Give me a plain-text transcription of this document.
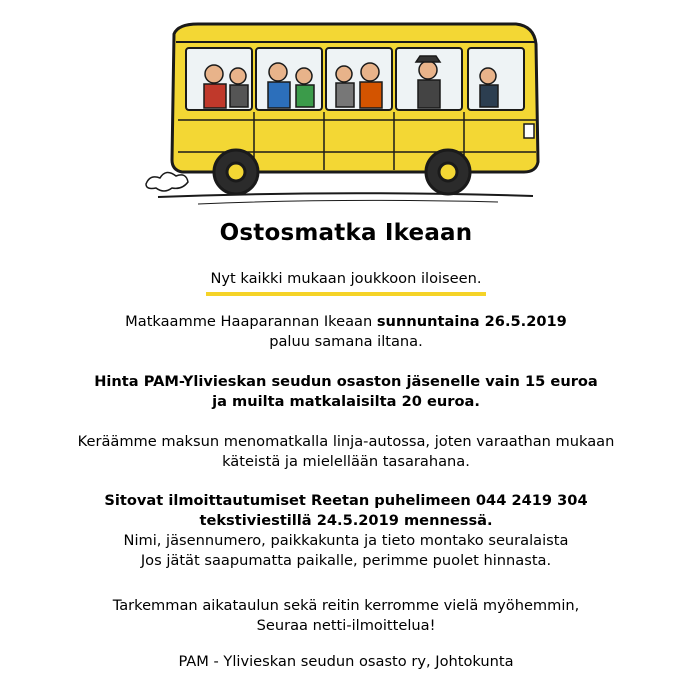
Ostosmatka Ikeaan
Nyt kaikki mukaan joukkoon iloiseen.
Matkaamme Haaparannan Ikeaan sunnuntaina 26.5.2019
paluu samana iltana.
Hinta PAM-Ylivieskan seudun osaston jäsenelle vain 15 euroa
ja muilta matkalaisilta 20 euroa.
Keräämme maksun menomatkalla linja-autossa, joten varaathan mukaan
käteistä ja mielellään tasarahana.
Sitovat ilmoittautumiset Reetan puhelimeen 044 2419 304
tekstiviestillä 24.5.2019 mennessä.
Nimi, jäsennumero, paikkakunta ja tieto montako seuralaista
Jos jätät saapumatta paikalle, perimme puolet hinnasta.
Tarkemman aikataulun sekä reitin kerromme vielä myöhemmin,
Seuraa netti-ilmoittelua!
PAM - Ylivieskan seudun osasto ry, Johtokunta
